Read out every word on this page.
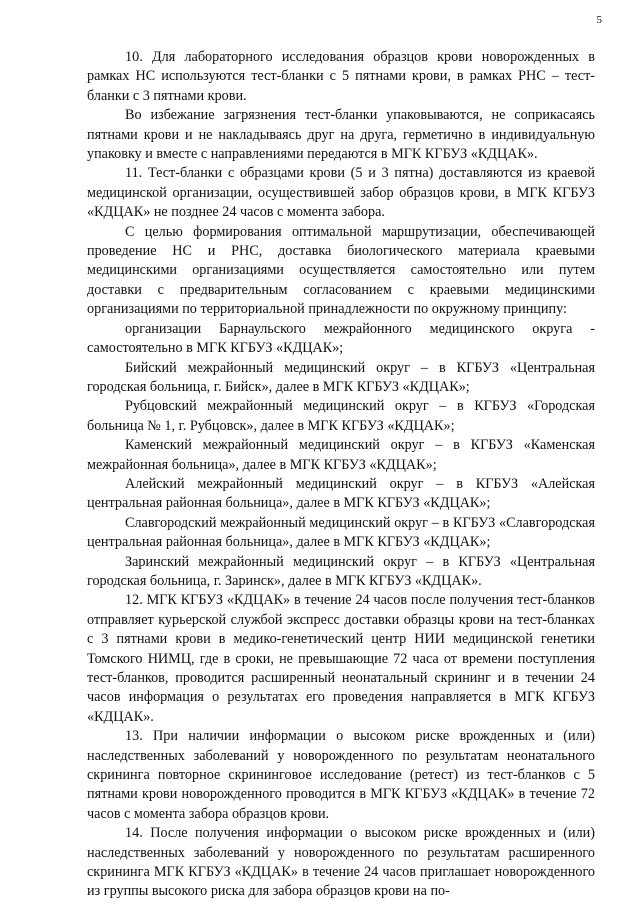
5

10. Для лабораторного исследования образцов крови новорожденных в рамках НС используются тест-бланки с 5 пятнами крови, в рамках РНС – тест-бланки с 3 пятнами крови.

Во избежание загрязнения тест-бланки упаковываются, не соприкасаясь пятнами крови и не накладываясь друг на друга, герметично в индивидуальную упаковку и вместе с направлениями передаются в МГК КГБУЗ «КДЦАК».

11. Тест-бланки с образцами крови (5 и 3 пятна) доставляются из краевой медицинской организации, осуществившей забор образцов крови, в МГК КГБУЗ «КДЦАК» не позднее 24 часов с момента забора.

С целью формирования оптимальной маршрутизации, обеспечивающей проведение НС и РНС, доставка биологического материала краевыми медицинскими организациями осуществляется самостоятельно или путем доставки с предварительным согласованием с краевыми медицинскими организациями по территориальной принадлежности по окружному принципу:

организации Барнаульского межрайонного медицинского округа - самостоятельно в МГК КГБУЗ «КДЦАК»;

Бийский межрайонный медицинский округ – в КГБУЗ «Центральная городская больница, г. Бийск», далее в МГК КГБУЗ «КДЦАК»;

Рубцовский межрайонный медицинский округ – в КГБУЗ «Городская больница № 1, г. Рубцовск», далее в МГК КГБУЗ «КДЦАК»;

Каменский межрайонный медицинский округ – в КГБУЗ «Каменская межрайонная больница», далее в МГК КГБУЗ «КДЦАК»;

Алейский межрайонный медицинский округ – в КГБУЗ «Алейская центральная районная больница», далее в МГК КГБУЗ «КДЦАК»;

Славгородский межрайонный медицинский округ – в КГБУЗ «Славгородская центральная районная больница», далее в МГК КГБУЗ «КДЦАК»;

Заринский межрайонный медицинский округ – в КГБУЗ «Центральная городская больница, г. Заринск», далее в МГК КГБУЗ «КДЦАК».

12. МГК КГБУЗ «КДЦАК» в течение 24 часов после получения тест-бланков отправляет курьерской службой экспресс доставки образцы крови на тест-бланках с 3 пятнами крови в медико-генетический центр НИИ медицинской генетики Томского НИМЦ, где в сроки, не превышающие 72 часа от времени поступления тест-бланков, проводится расширенный неонатальный скрининг и в течении 24 часов информация о результатах его проведения направляется в МГК КГБУЗ «КДЦАК».

13. При наличии информации о высоком риске врожденных и (или) наследственных заболеваний у новорожденного по результатам неонатального скрининга повторное скрининговое исследование (ретест) из тест-бланков с 5 пятнами крови новорожденного проводится в МГК КГБУЗ «КДЦАК» в течение 72 часов с момента забора образцов крови.

14. После получения информации о высоком риске врожденных и (или) наследственных заболеваний у новорожденного по результатам расширенного скрининга МГК КГБУЗ «КДЦАК» в течение 24 часов приглашает новорожденного из группы высокого риска для забора образцов крови на по-
